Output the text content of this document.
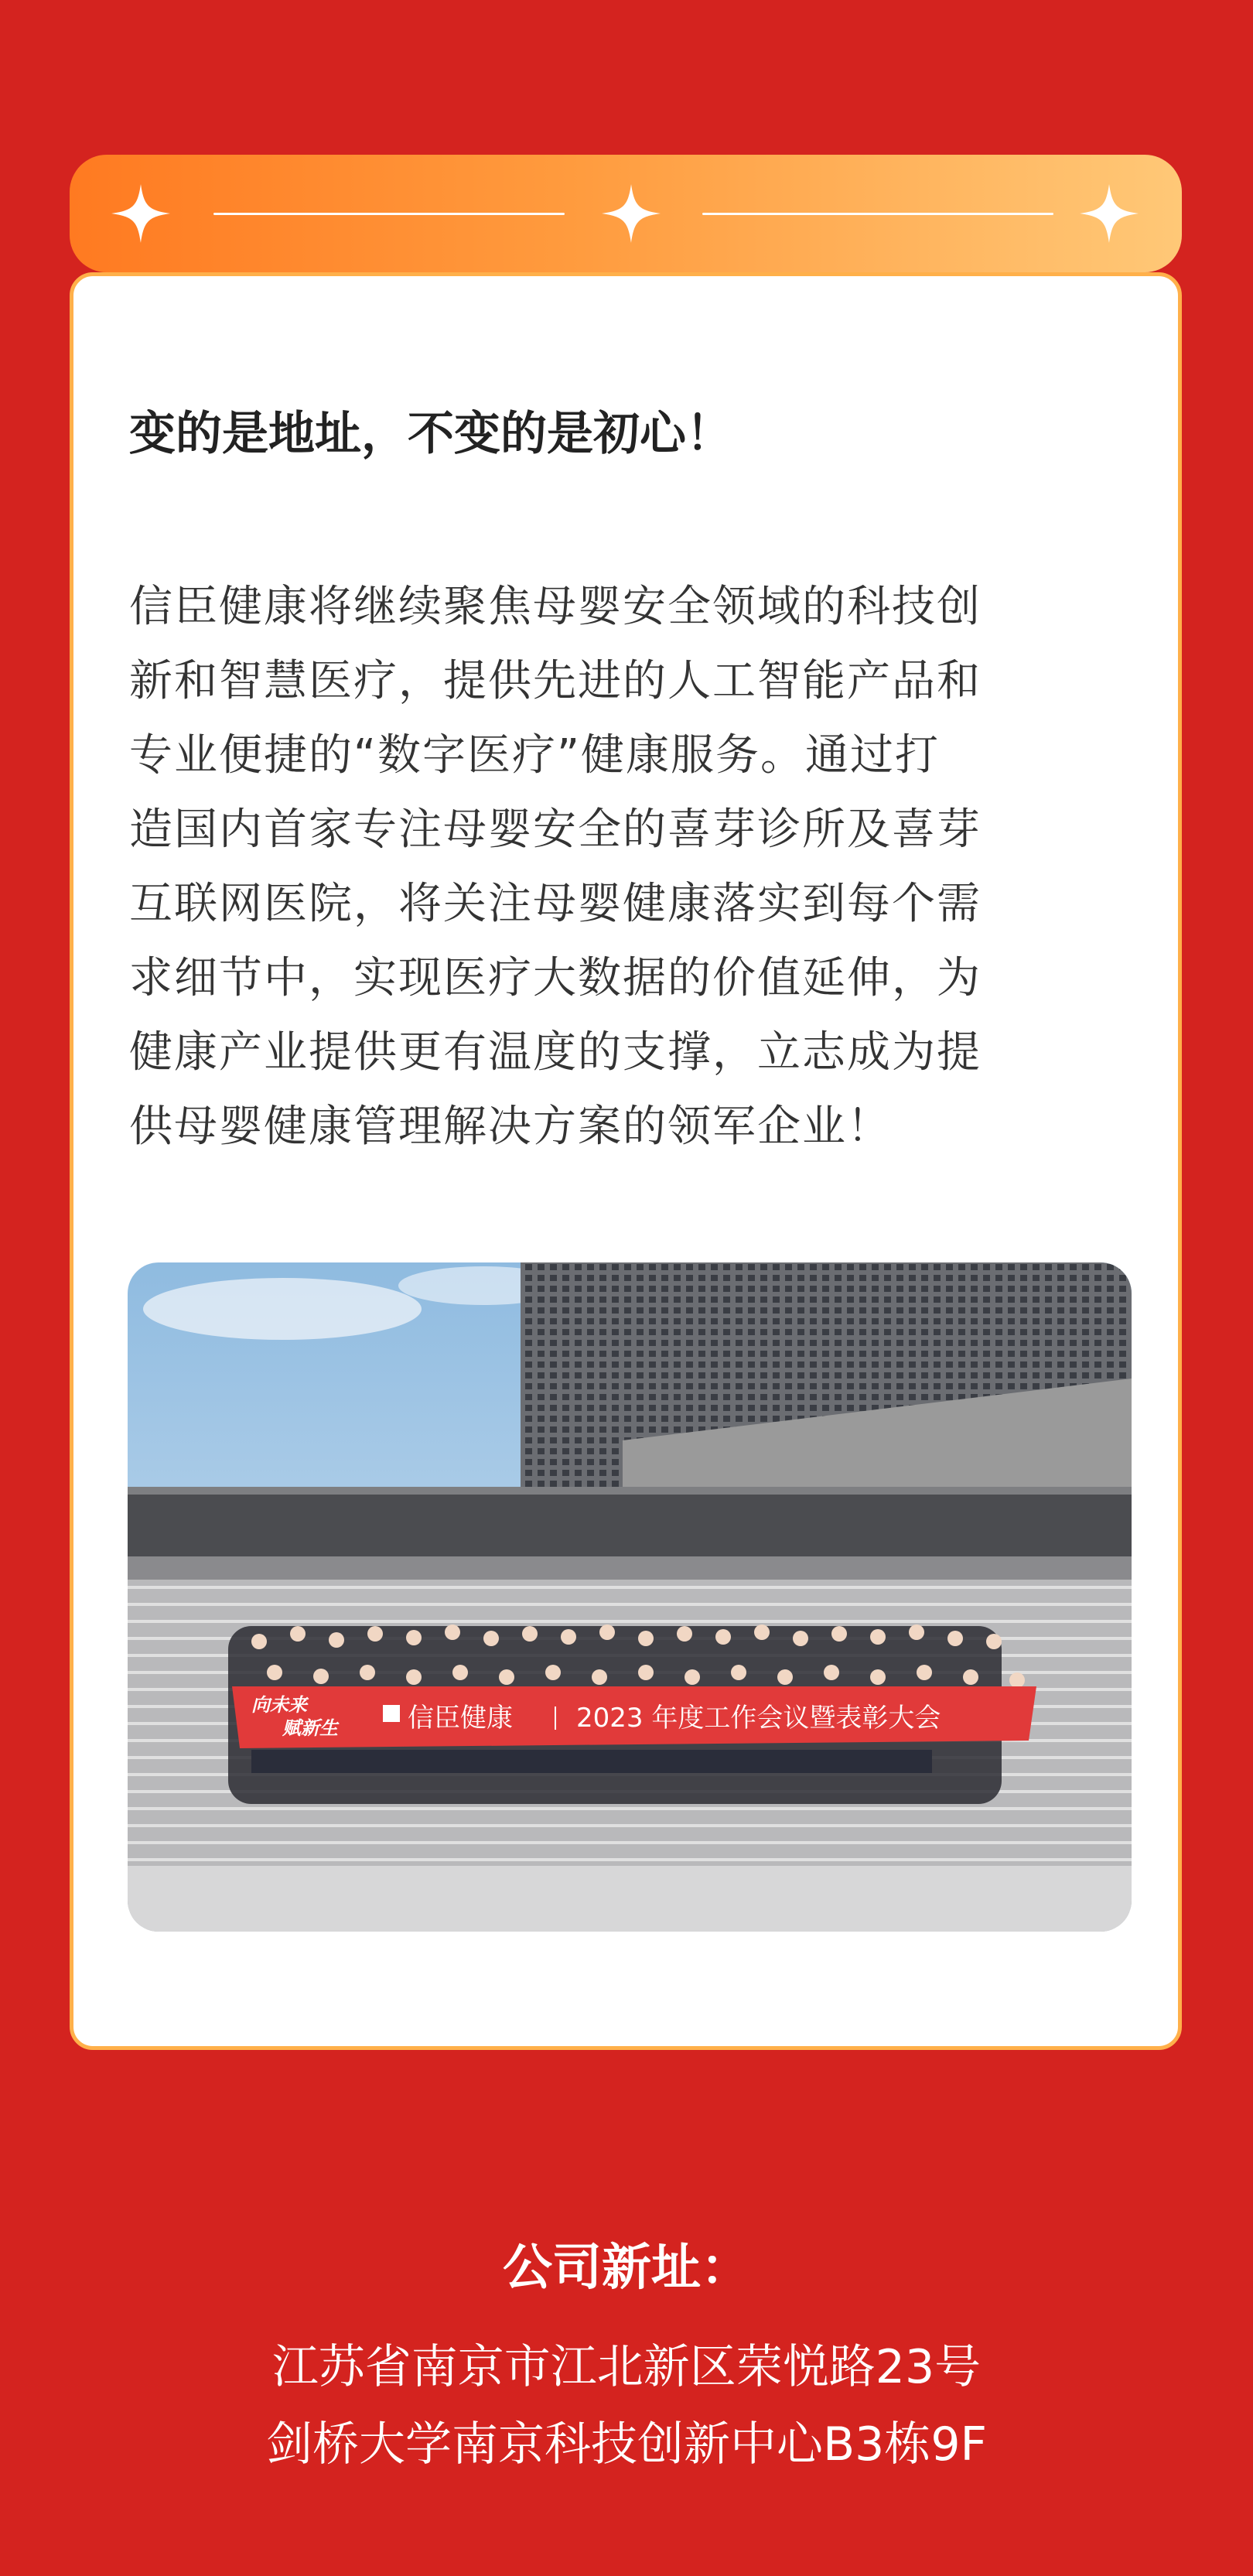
变的是地址，不变的是初心！
信臣健康将继续聚焦母婴安全领域的科技创
新和智慧医疗，提供先进的人工智能产品和
专业便捷的“数字医疗”健康服务。通过打
造国内首家专注母婴安全的喜芽诊所及喜芽
互联网医院，将关注母婴健康落实到每个需
求细节中，实现医疗大数据的价值延伸，为
健康产业提供更有温度的支撑，立志成为提
供母婴健康管理解决方案的领军企业！
向未来
赋新生	信臣健康 2023 年度工作会议暨表彰大会
公司新址：

江苏省南京市江北新区荣悦路23号

剑桥大学南京科技创新中心B3栋9F
